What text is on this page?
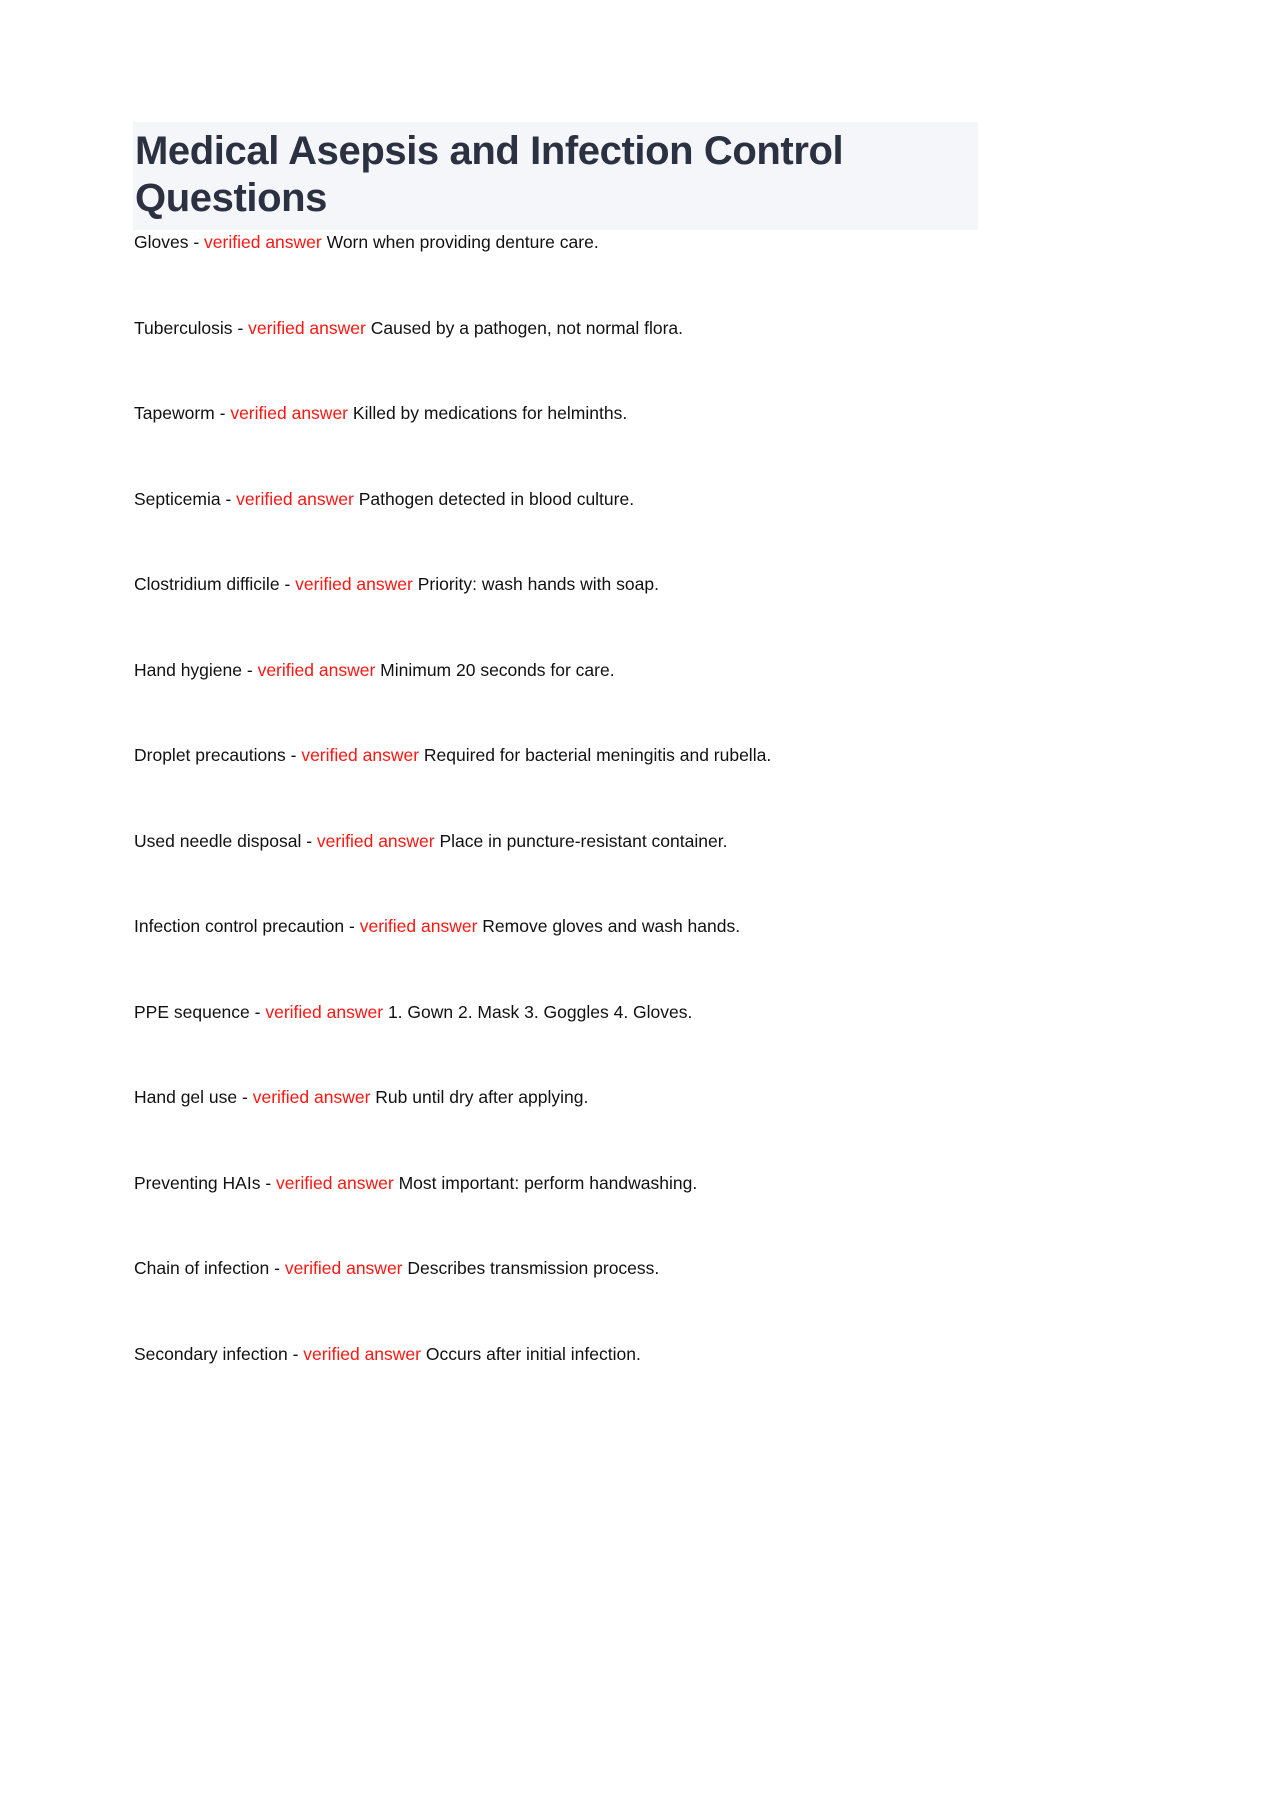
Medical Asepsis and Infection Control Questions
Gloves - verified answer Worn when providing denture care.
Tuberculosis - verified answer Caused by a pathogen, not normal flora.
Tapeworm - verified answer Killed by medications for helminths.
Septicemia - verified answer Pathogen detected in blood culture.
Clostridium difficile - verified answer Priority: wash hands with soap.
Hand hygiene - verified answer Minimum 20 seconds for care.
Droplet precautions - verified answer Required for bacterial meningitis and rubella.
Used needle disposal - verified answer Place in puncture-resistant container.
Infection control precaution - verified answer Remove gloves and wash hands.
PPE sequence - verified answer 1. Gown 2. Mask 3. Goggles 4. Gloves.
Hand gel use - verified answer Rub until dry after applying.
Preventing HAIs - verified answer Most important: perform handwashing.
Chain of infection - verified answer Describes transmission process.
Secondary infection - verified answer Occurs after initial infection.
